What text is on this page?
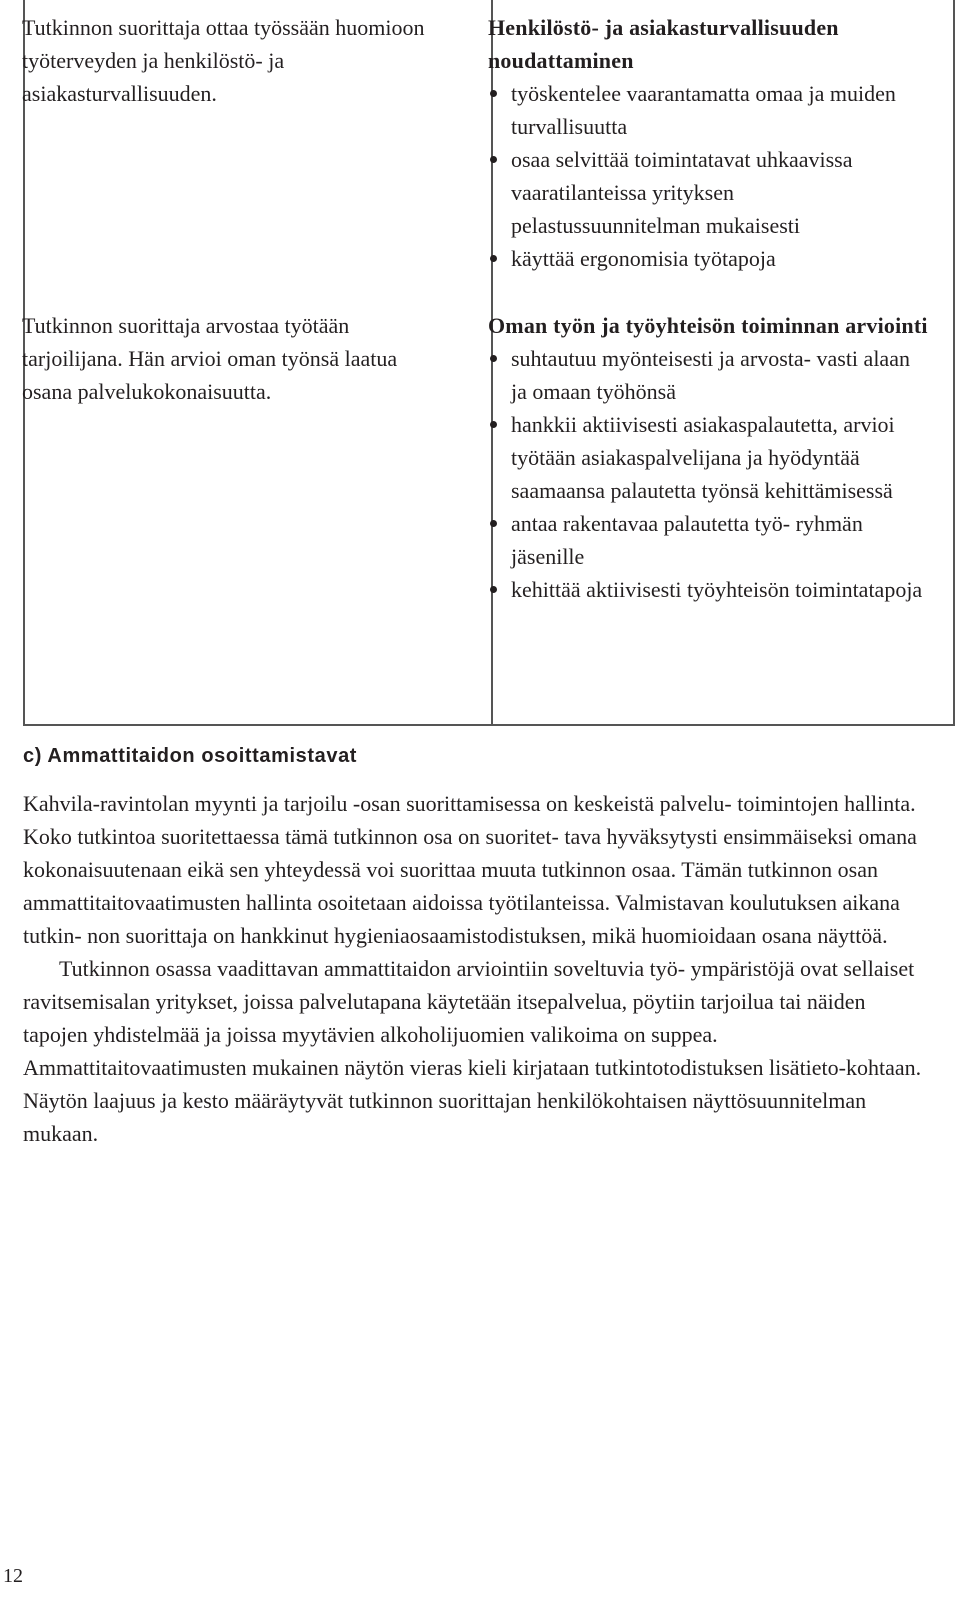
Tutkinnon suorittaja ottaa työssään huomioon työterveyden ja henkilöstö- ja asiakasturvallisuuden.
Henkilöstö- ja asiakasturvallisuuden noudattaminen
työskentelee vaarantamatta omaa ja muiden turvallisuutta
osaa selvittää toimintatavat uhkaavissa vaaratilanteissa yrityksen pelastussuunnitelman mukaisesti
käyttää ergonomisia työtapoja
Tutkinnon suorittaja arvostaa työtään tarjoilijana. Hän arvioi oman työnsä laatua osana palvelukokonaisuutta.
Oman työn ja työyhteisön toiminnan arviointi
suhtautuu myönteisesti ja arvosta- vasti alaan ja omaan työhönsä
hankkii aktiivisesti asiakaspalautetta, arvioi työtään asiakaspalvelijana ja hyödyntää saamaansa palautetta työnsä kehittämisessä
antaa rakentavaa palautetta työ- ryhmän jäsenille
kehittää aktiivisesti työyhteisön toimintatapoja
c) Ammattitaidon osoittamistavat

Kahvila-ravintolan myynti ja tarjoilu -osan suorittamisessa on keskeistä palvelu- toimintojen hallinta. Koko tutkintoa suoritettaessa tämä tutkinnon osa on suoritet- tava hyväksytysti ensimmäiseksi omana kokonaisuutenaan eikä sen yhteydessä voi suorittaa muuta tutkinnon osaa. Tämän tutkinnon osan ammattitaitovaatimusten hallinta osoitetaan aidoissa työtilanteissa. Valmistavan koulutuksen aikana tutkin- non suorittaja on hankkinut hygieniaosaamistodistuksen, mikä huomioidaan osana näyttöä.

Tutkinnon osassa vaadittavan ammattitaidon arviointiin soveltuvia työ- ympäristöjä ovat sellaiset ravitsemisalan yritykset, joissa palvelutapana käytetään itsepalvelua, pöytiin tarjoilua tai näiden tapojen yhdistelmää ja joissa myytävien alkoholijuomien valikoima on suppea. Ammattitaitovaatimusten mukainen näytön vieras kieli kirjataan tutkintotodistuksen lisätieto-kohtaan. Näytön laajuus ja kesto määräytyvät tutkinnon suorittajan henkilökohtaisen näyttösuunnitelman mukaan.

12
